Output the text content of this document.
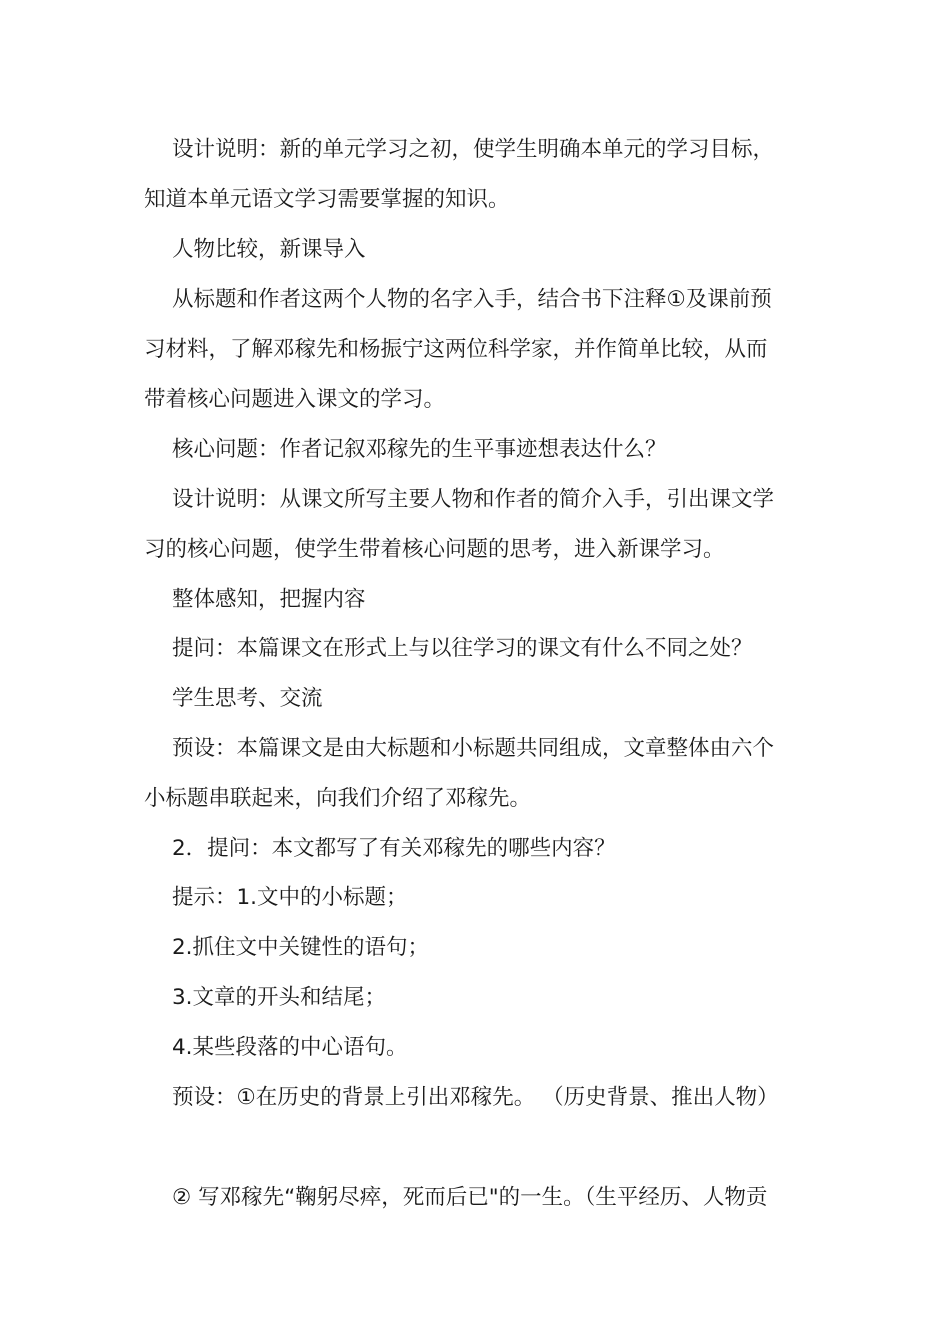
设计说明：新的单元学习之初，使学生明确本单元的学习目标，
知道本单元语文学习需要掌握的知识。
人物比较，新课导入
从标题和作者这两个人物的名字入手，结合书下注释①及课前预
习材料，了解邓稼先和杨振宁这两位科学家，并作简单比较，从而
带着核心问题进入课文的学习。
核心问题：作者记叙邓稼先的生平事迹想表达什么？
设计说明：从课文所写主要人物和作者的简介入手，引出课文学
习的核心问题，使学生带着核心问题的思考，进入新课学习。
整体感知，把握内容
提问：本篇课文在形式上与以往学习的课文有什么不同之处？
学生思考、交流
预设：本篇课文是由大标题和小标题共同组成，文章整体由六个
小标题串联起来，向我们介绍了邓稼先。
2．提问：本文都写了有关邓稼先的哪些内容？
提示：1.文中的小标题；
2.抓住文中关键性的语句；
3.文章的开头和结尾；
4.某些段落的中心语句。
预设：①在历史的背景上引出邓稼先。 （历史背景、推出人物）
② 写邓稼先“鞠躬尽瘁，死而后已"的一生。（生平经历、人物贡
